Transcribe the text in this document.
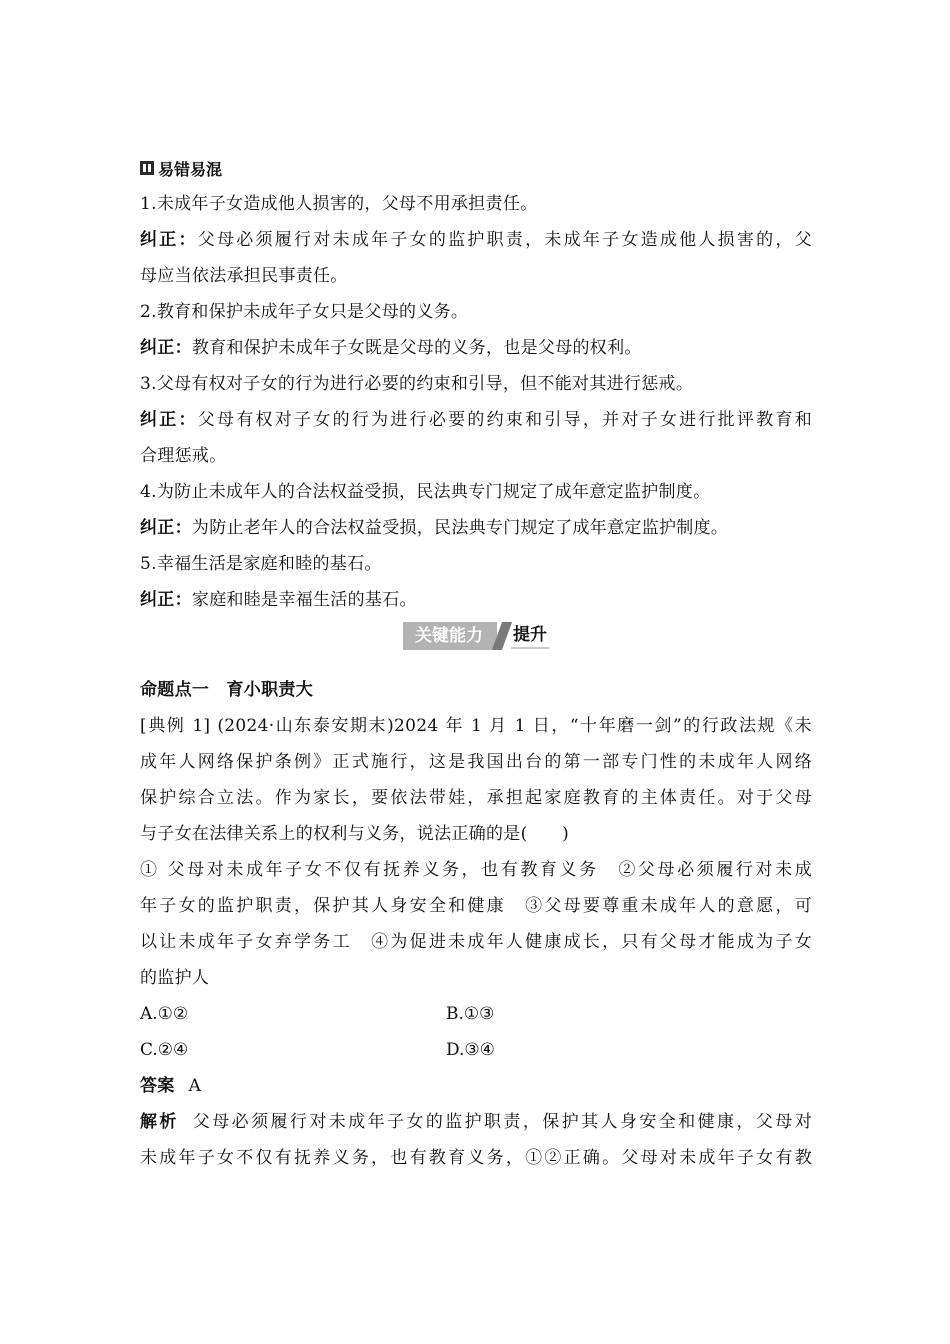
易错易混
1.未成年子女造成他人损害的，父母不用承担责任。
纠正：父母必须履行对未成年子女的监护职责，未成年子女造成他人损害的，父
母应当依法承担民事责任。
2.教育和保护未成年子女只是父母的义务。
纠正：教育和保护未成年子女既是父母的义务，也是父母的权利。
3.父母有权对子女的行为进行必要的约束和引导，但不能对其进行惩戒。
纠正：父母有权对子女的行为进行必要的约束和引导，并对子女进行批评教育和
合理惩戒。
4.为防止未成年人的合法权益受损，民法典专门规定了成年意定监护制度。
纠正：为防止老年人的合法权益受损，民法典专门规定了成年意定监护制度。
5.幸福生活是家庭和睦的基石。
纠正：家庭和睦是幸福生活的基石。
关键能力	提升
命题点一　育小职责大
[典例 1] (2024·山东泰安期末)2024 年 1 月 1 日，“十年磨一剑”的行政法规《未
成年人网络保护条例》正式施行，这是我国出台的第一部专门性的未成年人网络
保护综合立法。作为家长，要依法带娃，承担起家庭教育的主体责任。对于父母
与子女在法律关系上的权利与义务，说法正确的是(　　)
① 父母对未成年子女不仅有抚养义务，也有教育义务　②父母必须履行对未成
年子女的监护职责，保护其人身安全和健康　③父母要尊重未成年人的意愿，可
以让未成年子女弃学务工　④为促进未成年人健康成长，只有父母才能成为子女
的监护人
A.①②	B.①③
C.②④	D.③④
答案 A
解析 父母必须履行对未成年子女的监护职责，保护其人身安全和健康，父母对
未成年子女不仅有抚养义务，也有教育义务，①②正确。父母对未成年子女有教
